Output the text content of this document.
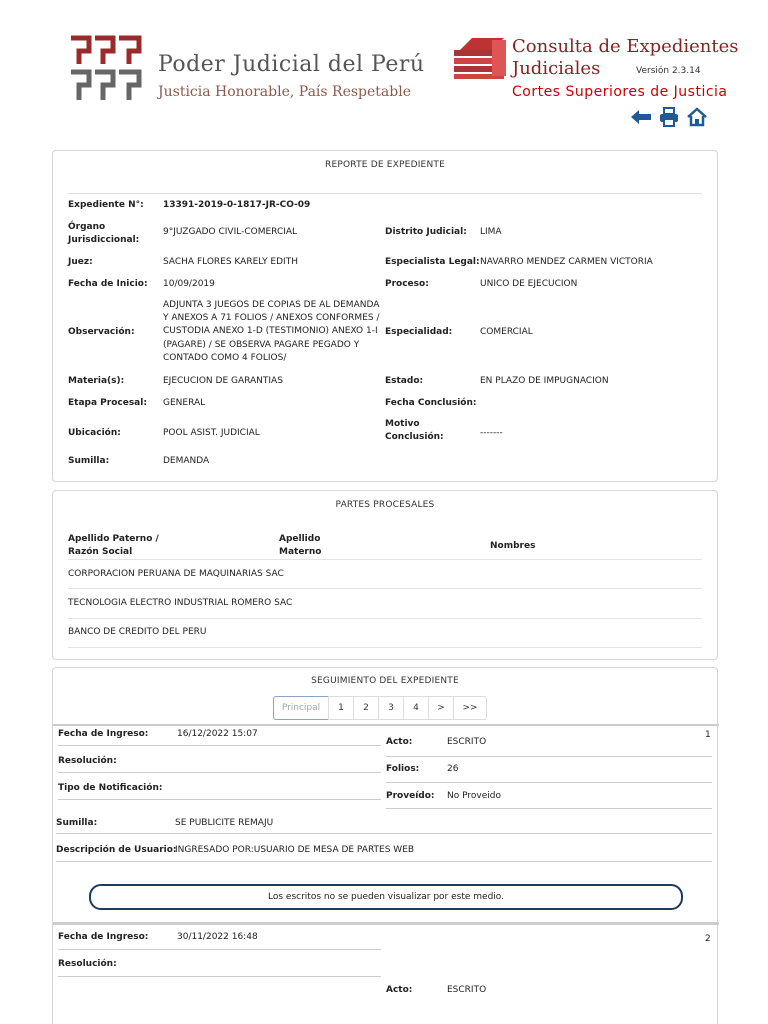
Poder Judicial del Perú
Justicia Honorable, País Respetable
Consulta de Expedientes
Judiciales	Versión 2.3.14
Cortes Superiores de Justicia
REPORTE DE EXPEDIENTE
Expediente N°: 13391-2019-0-1817-JR-CO-09
Órgano Jurisdiccional:
9°JUZGADO CIVIL-COMERCIAL	Distrito Judicial: LIMA
Juez:	SACHA FLORES KARELY EDITH	Especialista Legal: NAVARRO MENDEZ CARMEN VICTORIA
Fecha de Inicio: 10/09/2019	Proceso:	UNICO DE EJECUCION
Observación:
ADJUNTA 3 JUEGOS DE COPIAS DE AL DEMANDA Y ANEXOS A 71 FOLIOS / ANEXOS CONFORMES / CUSTODIA ANEXO 1-D (TESTIMONIO) ANEXO 1-I (PAGARE) / SE OBSERVA PAGARE PEGADO Y CONTADO COMO 4 FOLIOS/
Especialidad:	COMERCIAL
Materia(s):	EJECUCION DE GARANTIAS	Estado:	EN PLAZO DE IMPUGNACION
Etapa Procesal: GENERAL	Fecha Conclusión:
Ubicación:	POOL ASIST. JUDICIAL
Motivo Conclusión:	-------
Sumilla:	DEMANDA
PARTES PROCESALES
Apellido Paterno / Razón Social
Apellido Materno
Nombres
CORPORACION PERUANA DE MAQUINARIAS SAC
TECNOLOGIA ELECTRO INDUSTRIAL ROMERO SAC
BANCO DE CREDITO DEL PERU
SEGUIMIENTO DEL EXPEDIENTE
Principal	1	2	3	4	>	>>
Fecha de Ingreso:	16/12/2022 15:07	1
Acto:	ESCRITO
Resolución:
Folios:	26
Tipo de Notificación:
Proveído: No Proveido
Sumilla:	SE PUBLICITE REMAJU
Descripción de Usuario:
INGRESADO POR:USUARIO DE MESA DE PARTES WEB
Los escritos no se pueden visualizar por este medio.
Fecha de Ingreso:	30/11/2022 16:48	2
Resolución:
Acto:	ESCRITO
